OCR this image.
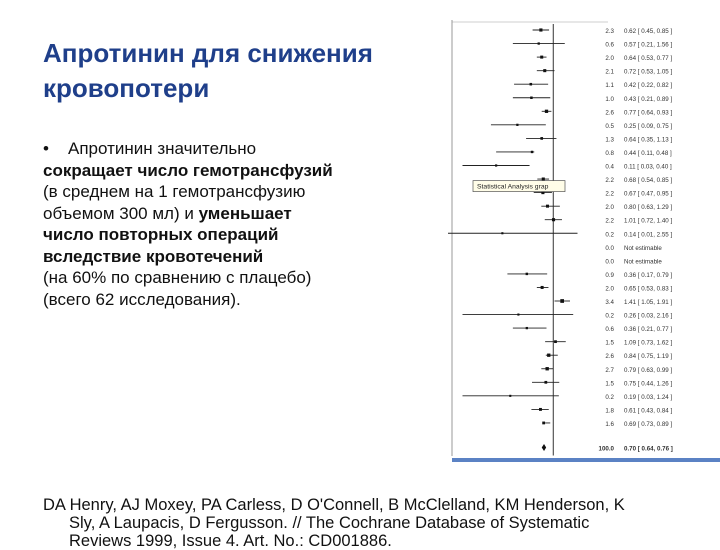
Апротинин для снижения
кровопотери
• Апротинин значительно
сокращает число гемотрансфузий
(в среднем на 1 гемотрансфузию
объемом 300 мл) и уменьшает
число повторных операций
вследствие кровотечений
(на 60% по сравнению с плацебо)
(всего 62 исследования).
2.3 0.62 [ 0.45, 0.85 ]
0.6 0.57 [ 0.21, 1.56 ]
2.0 0.64 [ 0.53, 0.77 ]
2.1 0.72 [ 0.53, 1.05 ]
1.1 0.42 [ 0.22, 0.82 ]
1.0 0.43 [ 0.21, 0.89 ]
2.6 0.77 [ 0.64, 0.93 ]
0.5 0.25 [ 0.09, 0.75 ]
1.3 0.64 [ 0.35, 1.13 ]
0.8 0.44 [ 0.11, 0.48 ]
0.4 0.11 [ 0.03, 0.40 ]
2.2 0.68 [ 0.54, 0.85 ]
2.2 0.67 [ 0.47, 0.95 ]
2.0 0.80 [ 0.63, 1.29 ]
2.2 1.01 [ 0.72, 1.40 ]
0.2 0.14 [ 0.01, 2.55 ]
0.0 Not estimable
0.0 Not estimable
0.9 0.36 [ 0.17, 0.79 ]
2.0 0.65 [ 0.53, 0.83 ]
3.4 1.41 [ 1.05, 1.91 ]
0.2 0.26 [ 0.03, 2.16 ]
0.6 0.36 [ 0.21, 0.77 ]
1.5 1.09 [ 0.73, 1.62 ]
2.6 0.84 [ 0.75, 1.19 ]
2.7 0.79 [ 0.63, 0.99 ]
1.5 0.75 [ 0.44, 1.26 ]
0.2 0.19 [ 0.03, 1.24 ]
1.8 0.61 [ 0.43, 0.84 ]
1.6 0.69 [ 0.73, 0.89 ]
100.0 0.70 [ 0.64, 0.76 ]
Statistical Analysis grap
DA Henry, AJ Moxey, PA Carless, D O'Connell, B McClelland, KM Henderson, K
Sly, A Laupacis, D Fergusson. // The Cochrane Database of Systematic
Reviews 1999, Issue 4. Art. No.: CD001886.
